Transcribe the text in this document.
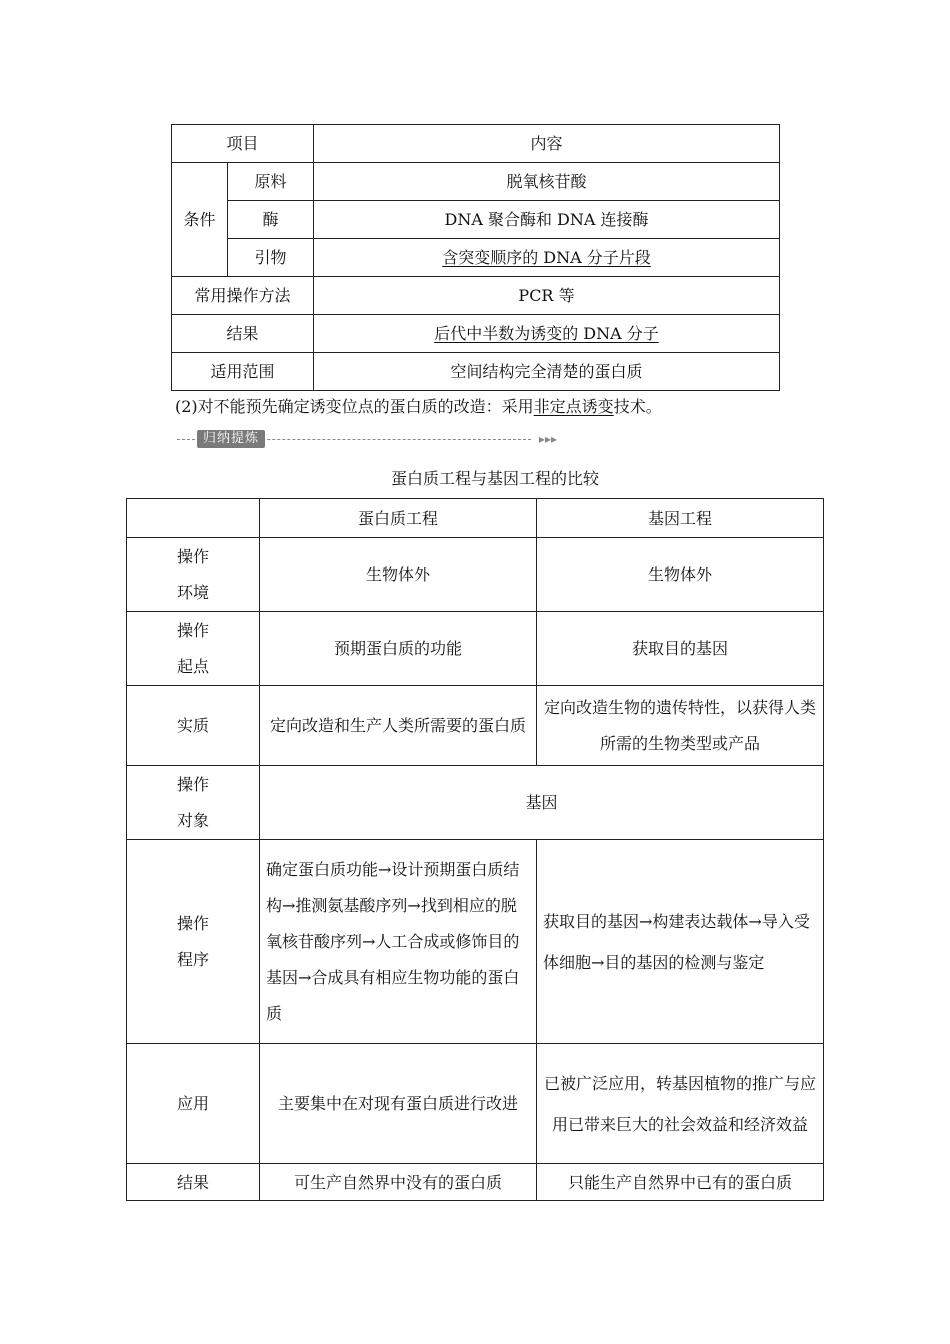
项目		内容
条件	原料	脱氧核苷酸
	酶	DNA 聚合酶和 DNA 连接酶
	引物	含突变顺序的 DNA 分子片段
常用操作方法		PCR 等
结果		后代中半数为诱变的 DNA 分子
适用范围		空间结构完全清楚的蛋白质
(2)对不能预先确定诱变位点的蛋白质的改造：采用非定点诱变技术。
归纳提炼	▸▸▸
蛋白质工程与基因工程的比较
	蛋白质工程	基因工程
操作
环境	生物体外	生物体外
操作
起点	预期蛋白质的功能	获取目的基因
实质	定向改造和生产人类所需要的蛋白质	定向改造生物的遗传特性，以获得人类所需的生物类型或产品
操作
对象	基因	
操作
程序	确定蛋白质功能→设计预期蛋白质结构→推测氨基酸序列→找到相应的脱氧核苷酸序列→人工合成或修饰目的基因→合成具有相应生物功能的蛋白质	获取目的基因→构建表达载体→导入受体细胞→目的基因的检测与鉴定
应用	主要集中在对现有蛋白质进行改进	已被广泛应用，转基因植物的推广与应用已带来巨大的社会效益和经济效益
结果	可生产自然界中没有的蛋白质	只能生产自然界中已有的蛋白质
